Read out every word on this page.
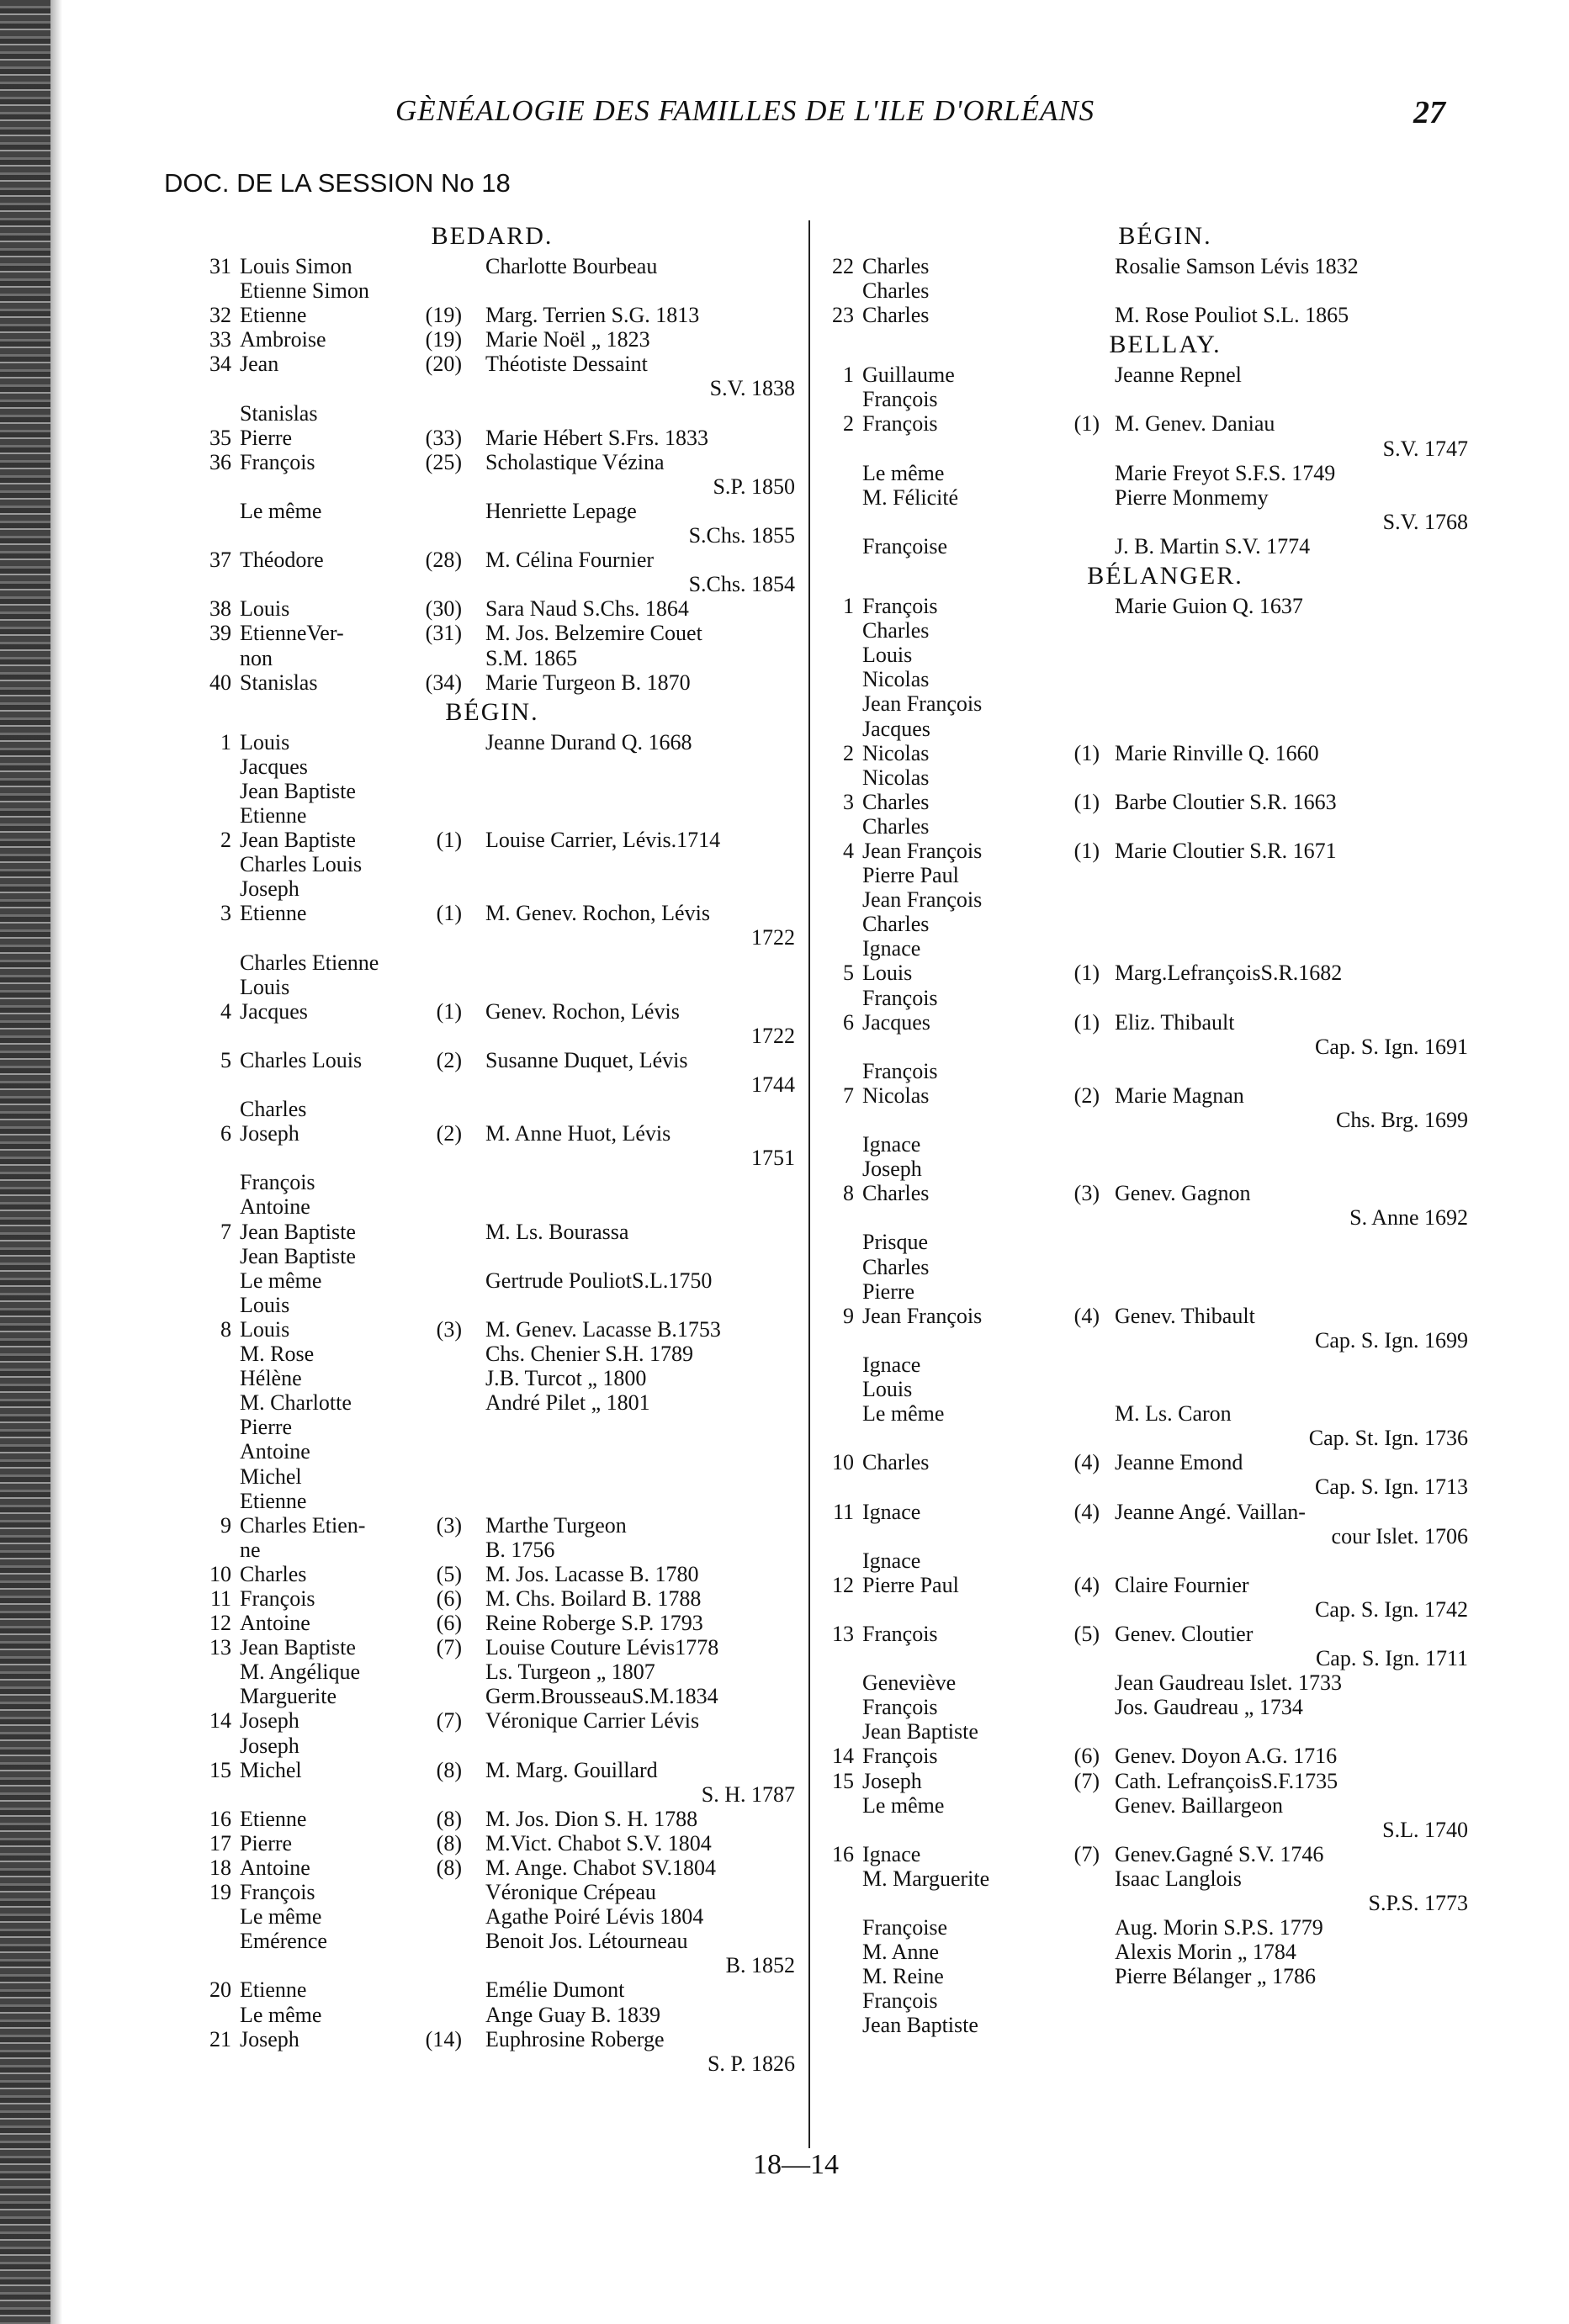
GÈNÉALOGIE DES FAMILLES DE L'ILE D'ORLÉANS	27
DOC. DE LA SESSION No 18
BEDARD.
31 Louis Simon	Charlotte Bourbeau
Etienne Simon
32 Etienne	(19) Marg. Terrien S.G. 1813
33 Ambroise	(19) Marie Noël „ 1823
34 Jean	(20) Théotiste Dessaint
S.V. 1838
Stanislas
35 Pierre	(33) Marie Hébert S.Frs. 1833
36 François	(25) Scholastique Vézina
S.P. 1850
Le même	Henriette Lepage
S.Chs. 1855
37 Théodore	(28) M. Célina Fournier
S.Chs. 1854
38 Louis	(30) Sara Naud S.Chs. 1864
39 EtienneVer-	(31) M. Jos. Belzemire Couet
non	S.M. 1865
40 Stanislas	(34) Marie Turgeon B. 1870
BÉGIN.
1 Louis	Jeanne Durand Q. 1668
Jacques
Jean Baptiste
Etienne
2 Jean Baptiste	(1) Louise Carrier, Lévis.1714
Charles Louis
Joseph
3 Etienne	(1) M. Genev. Rochon, Lévis
1722
Charles Etienne
Louis
4 Jacques	(1) Genev. Rochon, Lévis
1722
5 Charles Louis	(2) Susanne Duquet, Lévis
1744
Charles
6 Joseph	(2) M. Anne Huot, Lévis
1751
François
Antoine
7 Jean Baptiste	M. Ls. Bourassa
Jean Baptiste
Le même	Gertrude PouliotS.L.1750
Louis
8 Louis	(3) M. Genev. Lacasse B.1753
M. Rose	Chs. Chenier S.H. 1789
Hélène	J.B. Turcot „ 1800
M. Charlotte	André Pilet „ 1801
Pierre
Antoine
Michel
Etienne
9 Charles Etien-	(3) Marthe Turgeon
ne	B. 1756
10 Charles	(5) M. Jos. Lacasse B. 1780
11 François	(6) M. Chs. Boilard B. 1788
12 Antoine	(6) Reine Roberge S.P. 1793
13 Jean Baptiste	(7) Louise Couture Lévis1778
M. Angélique	Ls. Turgeon „ 1807
Marguerite	Germ.BrousseauS.M.1834
14 Joseph	(7) Véronique Carrier Lévis
Joseph
15 Michel	(8) M. Marg. Gouillard
S. H. 1787
16 Etienne	(8) M. Jos. Dion S. H. 1788
17 Pierre	(8) M.Vict. Chabot S.V. 1804
18 Antoine	(8) M. Ange. Chabot SV.1804
19 François	Véronique Crépeau
Le même	Agathe Poiré Lévis 1804
Emérence	Benoit Jos. Létourneau
B. 1852
20 Etienne	Emélie Dumont
Le même	Ange Guay B. 1839
21 Joseph	(14) Euphrosine Roberge
S. P. 1826
BÉGIN.
22 Charles	Rosalie Samson Lévis 1832
Charles
23 Charles	M. Rose Pouliot S.L. 1865
BELLAY.
1 Guillaume	Jeanne Repnel
François
2 François	(1) M. Genev. Daniau
S.V. 1747
Le même	Marie Freyot S.F.S. 1749
M. Félicité	Pierre Monmemy
S.V. 1768
Françoise	J. B. Martin S.V. 1774
BÉLANGER.
1 François	Marie Guion Q. 1637
Charles
Louis
Nicolas
Jean François
Jacques
2 Nicolas	(1) Marie Rinville Q. 1660
Nicolas
3 Charles	(1) Barbe Cloutier S.R. 1663
Charles
4 Jean François	(1) Marie Cloutier S.R. 1671
Pierre Paul
Jean François
Charles
Ignace
5 Louis	(1) Marg.LefrançoisS.R.1682
François
6 Jacques	(1) Eliz. Thibault
Cap. S. Ign. 1691
François
7 Nicolas	(2) Marie Magnan
Chs. Brg. 1699
Ignace
Joseph
8 Charles	(3) Genev. Gagnon
S. Anne 1692
Prisque
Charles
Pierre
9 Jean François	(4) Genev. Thibault
Cap. S. Ign. 1699
Ignace
Louis
Le même	M. Ls. Caron
Cap. St. Ign. 1736
10 Charles	(4) Jeanne Emond
Cap. S. Ign. 1713
11 Ignace	(4) Jeanne Angé. Vaillan-
cour Islet. 1706
Ignace
12 Pierre Paul	(4) Claire Fournier
Cap. S. Ign. 1742
13 François	(5) Genev. Cloutier
Cap. S. Ign. 1711
Geneviève	Jean Gaudreau Islet. 1733
François	Jos. Gaudreau „ 1734
Jean Baptiste
14 François	(6) Genev. Doyon A.G. 1716
15 Joseph	(7) Cath. LefrançoisS.F.1735
Le même	Genev. Baillargeon
S.L. 1740
16 Ignace	(7) Genev.Gagné S.V. 1746
M. Marguerite	Isaac Langlois
S.P.S. 1773
Françoise	Aug. Morin S.P.S. 1779
M. Anne	Alexis Morin „ 1784
M. Reine	Pierre Bélanger „ 1786
François
Jean Baptiste
18—14
